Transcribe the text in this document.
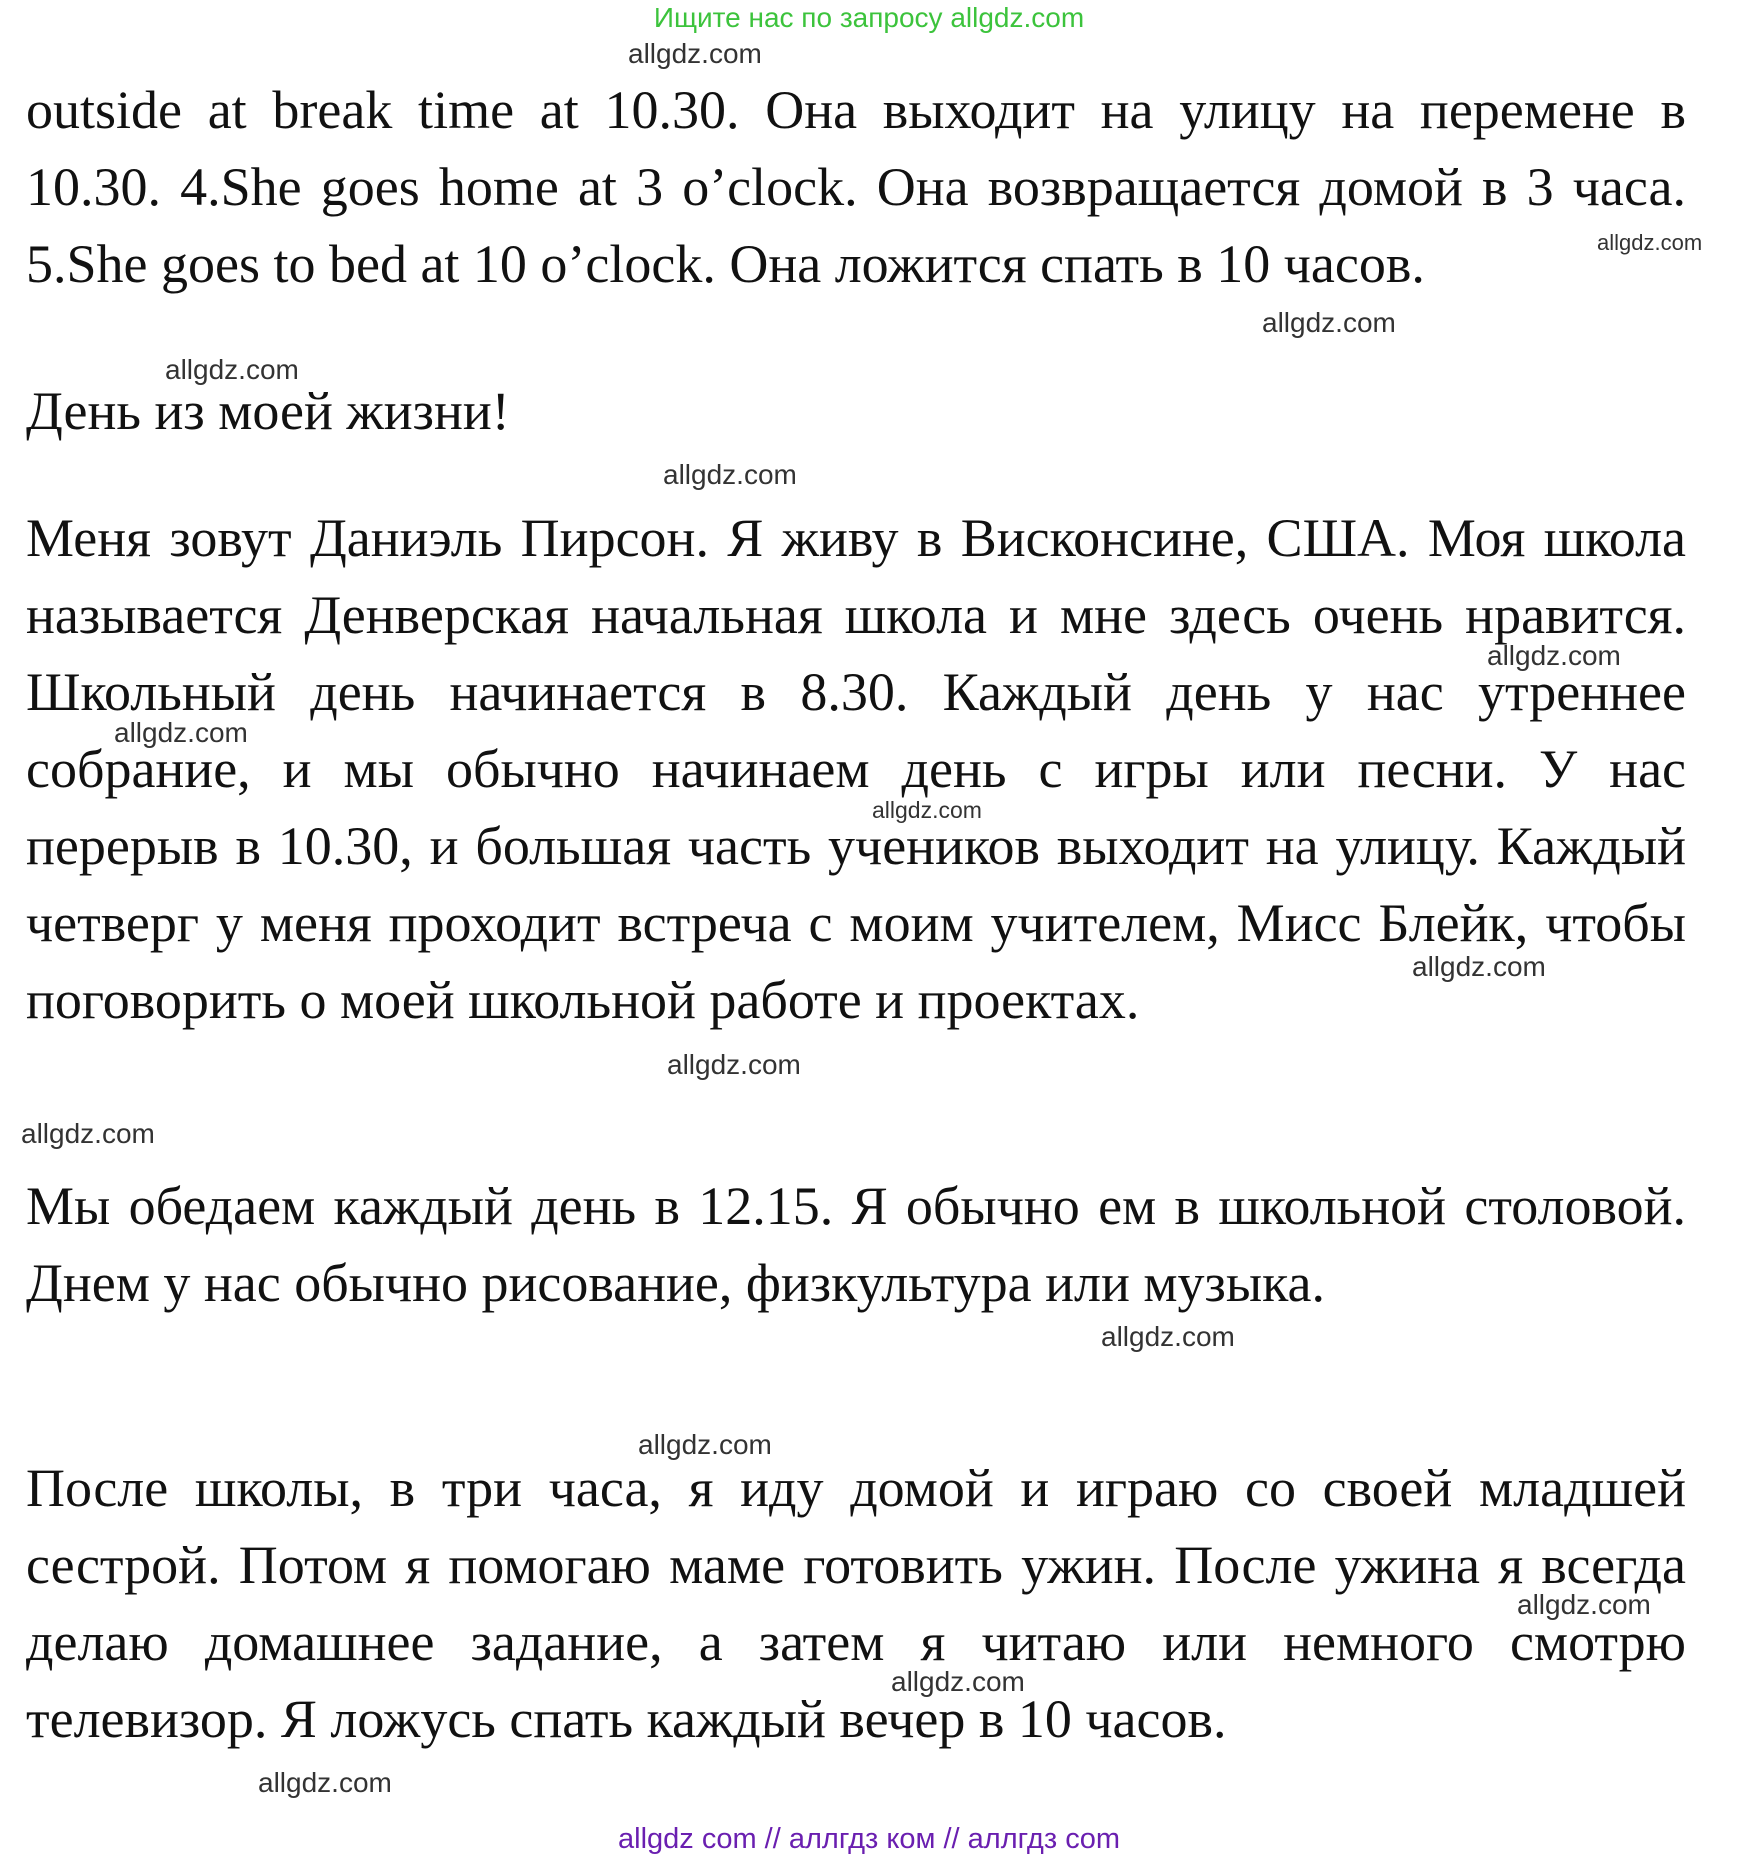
Ищите нас по запросу allgdz.com
allgdz.com

outside at break time at 10.30. Она выходит на улицу на перемене в 10.30. 4.She goes home at 3 o’clock. Она возвращается домой в 3 часа. 5.She goes to bed at 10 o’clock. Она ложится спать в 10 часов.	allgdz.com
allgdz.com
allgdz.com
День из моей жизни!
allgdz.com

Меня зовут Даниэль Пирсон. Я живу в Висконсине, США. Моя школа называется Денверская начальная школа и мне здесь очень нравится. Школьный день начинается в 8.30. Каждый день у нас утреннее собрание, и мы обычно начинаем день с игры или песни. У нас перерыв в 10.30, и большая часть учеников выходит на улицу. Каждый четверг у меня проходит встреча с моим учителем, Мисс Блейк, чтобы поговорить о моей школьной работе и проектах.

allgdz.com
allgdz.com
allgdz.com
allgdz.com
allgdz.com
allgdz.com

Мы обедаем каждый день в 12.15. Я обычно ем в школьной столовой. Днем у нас обычно рисование, физкультура или музыка.

allgdz.com
allgdz.com

После школы, в три часа, я иду домой и играю со своей младшей сестрой. Потом я помогаю маме готовить ужин. После ужина я всегда делаю домашнее задание, а затем я читаю или немного смотрю телевизор. Я ложусь спать каждый вечер в 10 часов.

allgdz.com
allgdz.com
allgdz.com
allgdz com // аллгдз ком // аллгдз com
